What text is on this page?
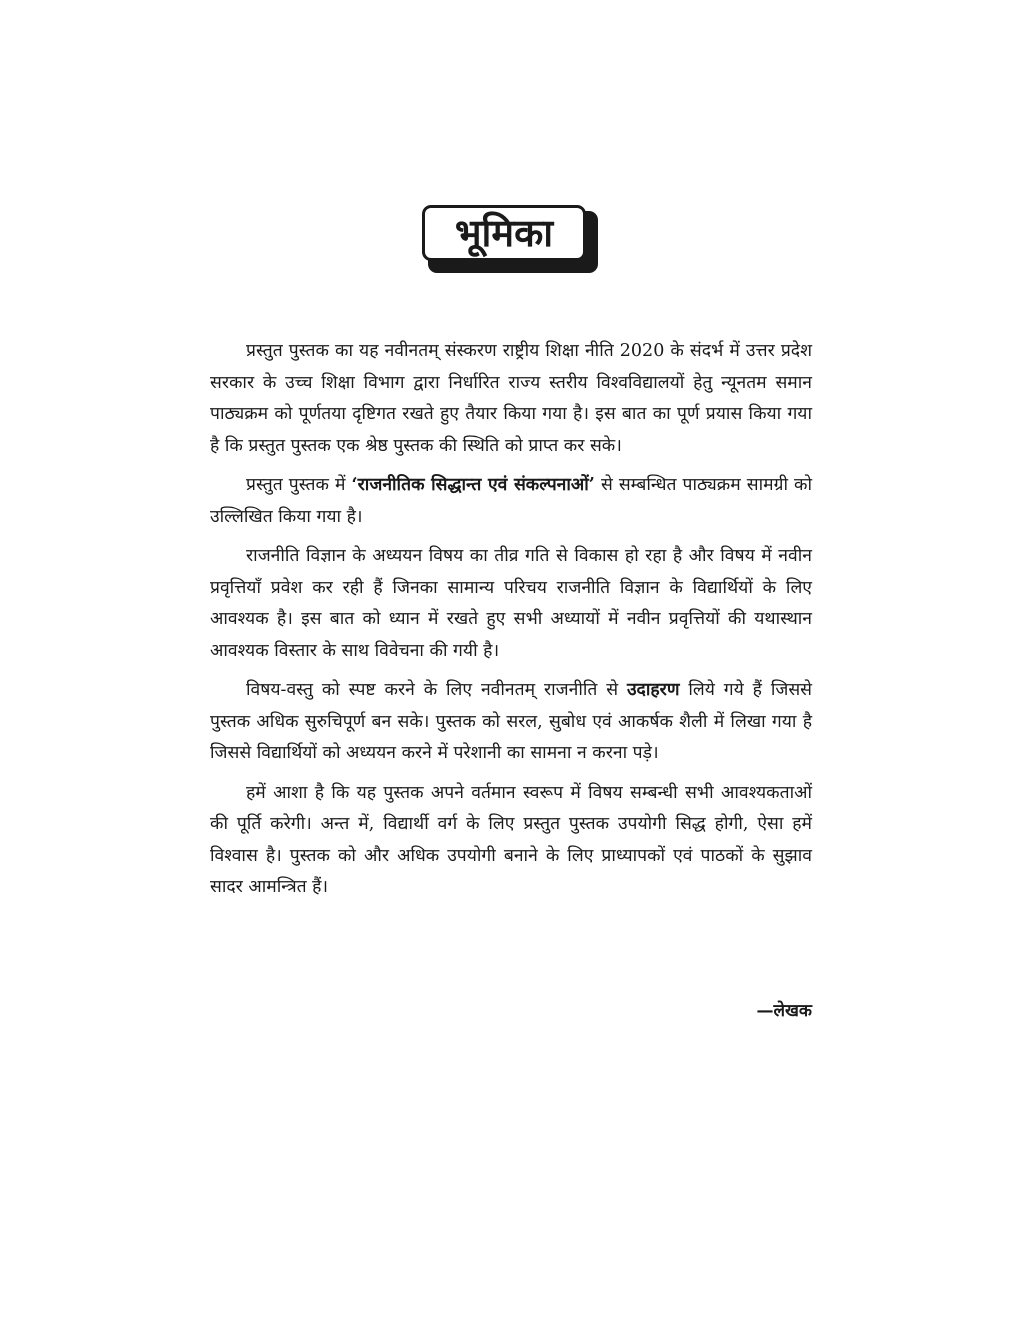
भूमिका

प्रस्तुत पुस्तक का यह नवीनतम् संस्करण राष्ट्रीय शिक्षा नीति 2020 के संदर्भ में उत्तर प्रदेश सरकार के उच्च शिक्षा विभाग द्वारा निर्धारित राज्य स्तरीय विश्वविद्यालयों हेतु न्यूनतम समान पाठ्यक्रम को पूर्णतया दृष्टिगत रखते हुए तैयार किया गया है। इस बात का पूर्ण प्रयास किया गया है कि प्रस्तुत पुस्तक एक श्रेष्ठ पुस्तक की स्थिति को प्राप्त कर सके।

प्रस्तुत पुस्तक में ‘राजनीतिक सिद्धान्त एवं संकल्पनाओं’ से सम्बन्धित पाठ्यक्रम सामग्री को उल्लिखित किया गया है।

राजनीति विज्ञान के अध्ययन विषय का तीव्र गति से विकास हो रहा है और विषय में नवीन प्रवृत्तियाँ प्रवेश कर रही हैं जिनका सामान्य परिचय राजनीति विज्ञान के विद्यार्थियों के लिए आवश्यक है। इस बात को ध्यान में रखते हुए सभी अध्यायों में नवीन प्रवृत्तियों की यथास्थान आवश्यक विस्तार के साथ विवेचना की गयी है।

विषय-वस्तु को स्पष्ट करने के लिए नवीनतम् राजनीति से उदाहरण लिये गये हैं जिससे पुस्तक अधिक सुरुचिपूर्ण बन सके। पुस्तक को सरल, सुबोध एवं आकर्षक शैली में लिखा गया है जिससे विद्यार्थियों को अध्ययन करने में परेशानी का सामना न करना पड़े।

हमें आशा है कि यह पुस्तक अपने वर्तमान स्वरूप में विषय सम्बन्धी सभी आवश्यकताओं की पूर्ति करेगी। अन्त में, विद्यार्थी वर्ग के लिए प्रस्तुत पुस्तक उपयोगी सिद्ध होगी, ऐसा हमें विश्वास है। पुस्तक को और अधिक उपयोगी बनाने के लिए प्राध्यापकों एवं पाठकों के सुझाव सादर आमन्त्रित हैं।

—लेखक
